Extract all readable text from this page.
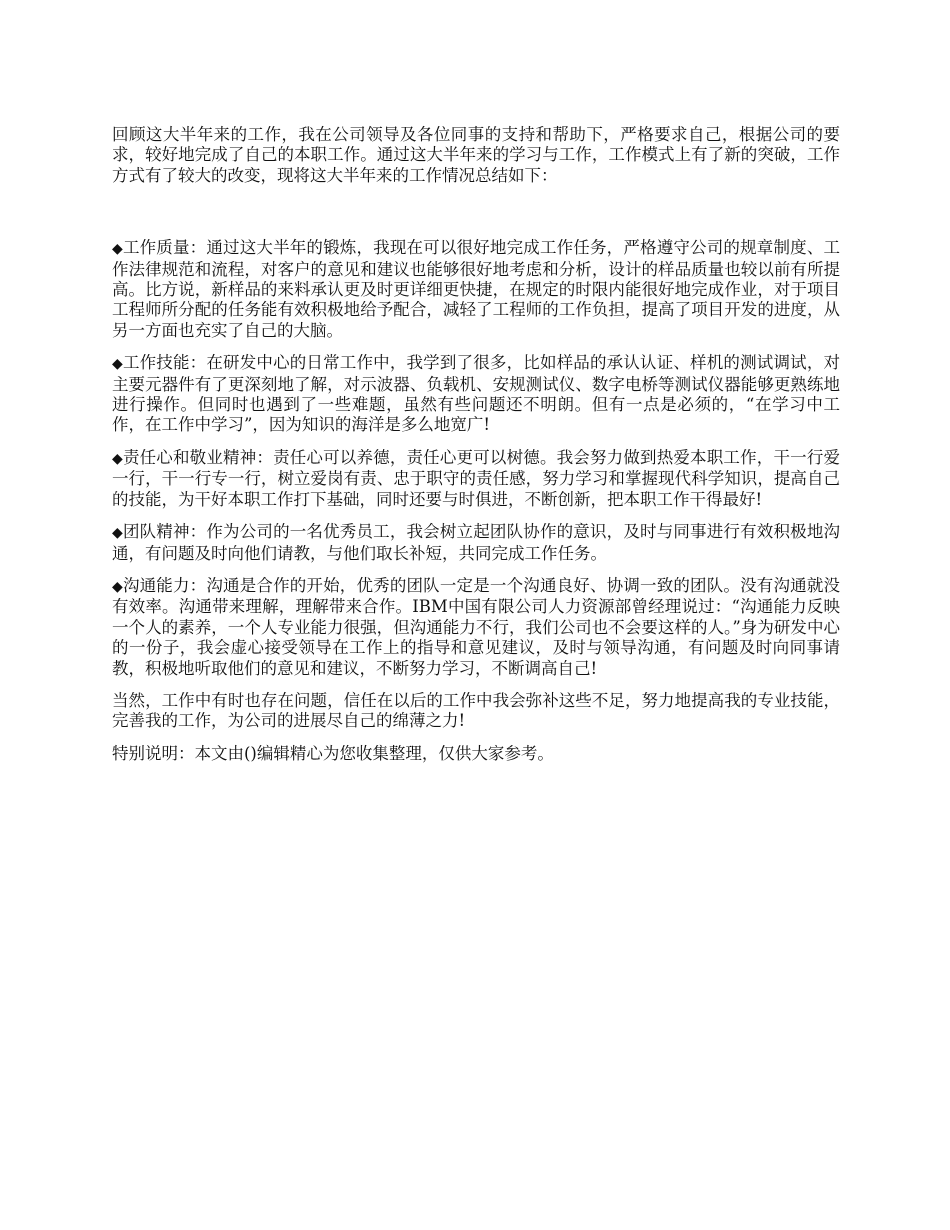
回顾这大半年来的工作，我在公司领导及各位同事的支持和帮助下，严格要求自己，根据公司的要求，较好地完成了自己的本职工作。通过这大半年来的学习与工作，工作模式上有了新的突破，工作方式有了较大的改变，现将这大半年来的工作情况总结如下：

◆工作质量：通过这大半年的锻炼，我现在可以很好地完成工作任务，严格遵守公司的规章制度、工作法律规范和流程，对客户的意见和建议也能够很好地考虑和分析，设计的样品质量也较以前有所提高。比方说，新样品的来料承认更及时更详细更快捷，在规定的时限内能很好地完成作业，对于项目工程师所分配的任务能有效积极地给予配合，减轻了工程师的工作负担，提高了项目开发的进度，从另一方面也充实了自己的大脑。

◆工作技能：在研发中心的日常工作中，我学到了很多，比如样品的承认认证、样机的测试调试，对主要元器件有了更深刻地了解，对示波器、负载机、安规测试仪、数字电桥等测试仪器能够更熟练地进行操作。但同时也遇到了一些难题，虽然有些问题还不明朗。但有一点是必须的，“在学习中工作，在工作中学习”，因为知识的海洋是多么地宽广!

◆责任心和敬业精神：责任心可以养德，责任心更可以树德。我会努力做到热爱本职工作，干一行爱一行，干一行专一行，树立爱岗有责、忠于职守的责任感，努力学习和掌握现代科学知识，提高自己的技能，为干好本职工作打下基础，同时还要与时俱进，不断创新，把本职工作干得最好!

◆团队精神：作为公司的一名优秀员工，我会树立起团队协作的意识，及时与同事进行有效积极地沟通，有问题及时向他们请教，与他们取长补短，共同完成工作任务。

◆沟通能力：沟通是合作的开始，优秀的团队一定是一个沟通良好、协调一致的团队。没有沟通就没有效率。沟通带来理解，理解带来合作。IBM中国有限公司人力资源部曾经理说过：“沟通能力反映一个人的素养，一个人专业能力很强，但沟通能力不行，我们公司也不会要这样的人。”身为研发中心的一份子，我会虚心接受领导在工作上的指导和意见建议，及时与领导沟通，有问题及时向同事请教，积极地听取他们的意见和建议，不断努力学习，不断调高自己!

当然，工作中有时也存在问题，信任在以后的工作中我会弥补这些不足，努力地提高我的专业技能，完善我的工作，为公司的进展尽自己的绵薄之力!

特别说明：本文由()编辑精心为您收集整理，仅供大家参考。
